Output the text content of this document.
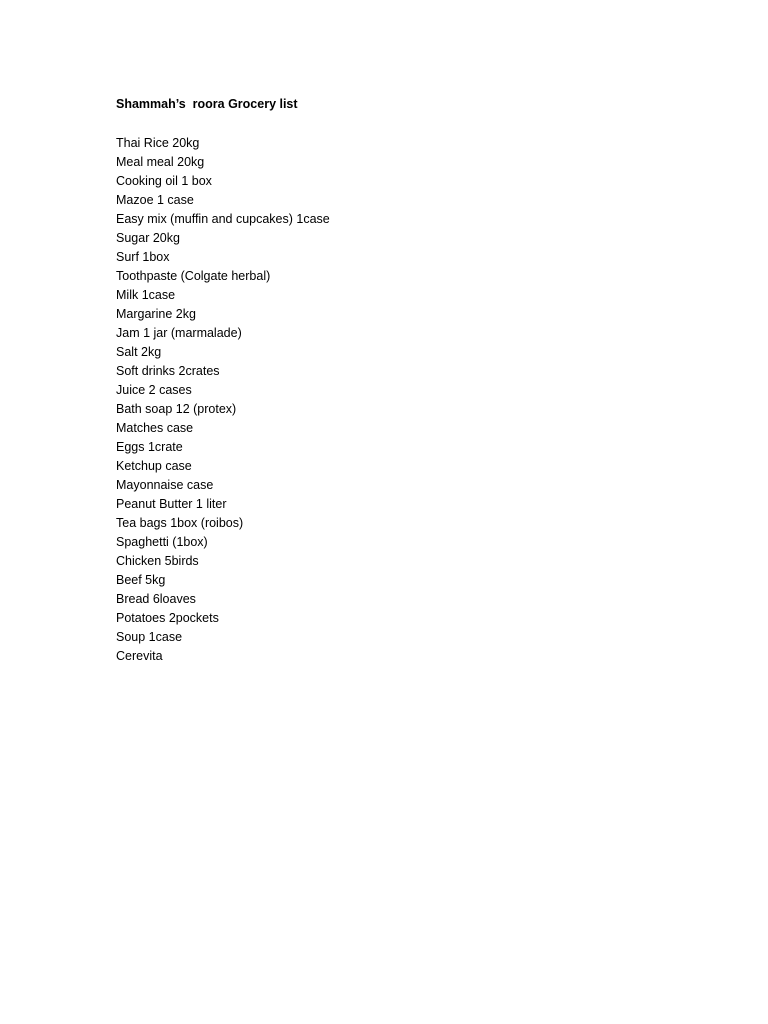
Shammah’s  roora Grocery list

Thai Rice 20kg
Meal meal 20kg
Cooking oil 1 box
Mazoe 1 case
Easy mix (muffin and cupcakes) 1case
Sugar 20kg
Surf 1box
Toothpaste (Colgate herbal)
Milk 1case
Margarine 2kg
Jam 1 jar (marmalade)
Salt 2kg
Soft drinks 2crates
Juice 2 cases
Bath soap 12 (protex)
Matches case
Eggs 1crate
Ketchup case
Mayonnaise case
Peanut Butter 1 liter
Tea bags 1box (roibos)
Spaghetti (1box)
Chicken 5birds
Beef 5kg
Bread 6loaves
Potatoes 2pockets
Soup 1case
Cerevita
